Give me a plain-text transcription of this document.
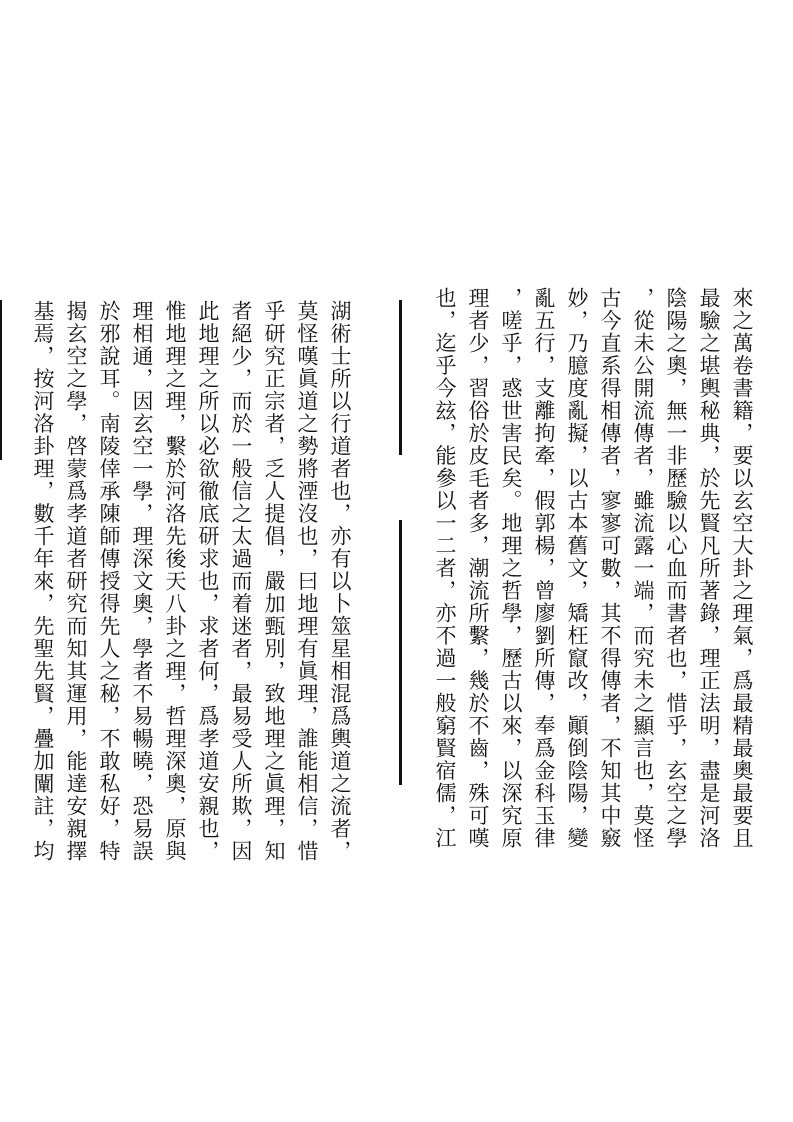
來之萬卷書籍，要以玄空大卦之理氣，爲最精最奧最要且
最驗之堪輿秘典，於先賢凡所著錄，理正法明，盡是河洛
陰陽之奧，無一非歷驗以心血而書者也，惜乎，玄空之學
，從未公開流傳者，雖流露一端，而究未之顯言也，莫怪
古今直系得相傳者，寥寥可數，其不得傳者，不知其中竅
妙，乃臆度亂擬，以古本舊文，矯枉竄改，顚倒陰陽，變
亂五行，支離拘牽，假郭楊，曾廖劉所傳，奉爲金科玉律
，嗟乎，惑世害民矣。地理之哲學，歷古以來，以深究原
理者少，習俗於皮毛者多，潮流所繫，幾於不齒，殊可嘆
也，迄乎今玆，能參以一二者，亦不過一般窮賢宿儒，江
湖術士所以行道者也，亦有以卜筮星相混爲輿道之流者，
莫怪嘆眞道之勢將湮沒也，曰地理有眞理，誰能相信，惜
乎研究正宗者，乏人提倡，嚴加甄別，致地理之眞理，知
者絕少，而於一般信之太過而着迷者，最易受人所欺，因
此地理之所以必欲徹底研求也，求者何，爲孝道安親也，
惟地理之理，繫於河洛先後天八卦之理，哲理深奧，原與
理相通，因玄空一學，理深文奧，學者不易暢曉，恐易誤
於邪說耳。南陵倖承陳師傳授得先人之秘，不敢私好，特
揭玄空之學，啓蒙爲孝道者研究而知其運用，能達安親擇
基焉，按河洛卦理，數千年來，先聖先賢，疊加闡註，均
